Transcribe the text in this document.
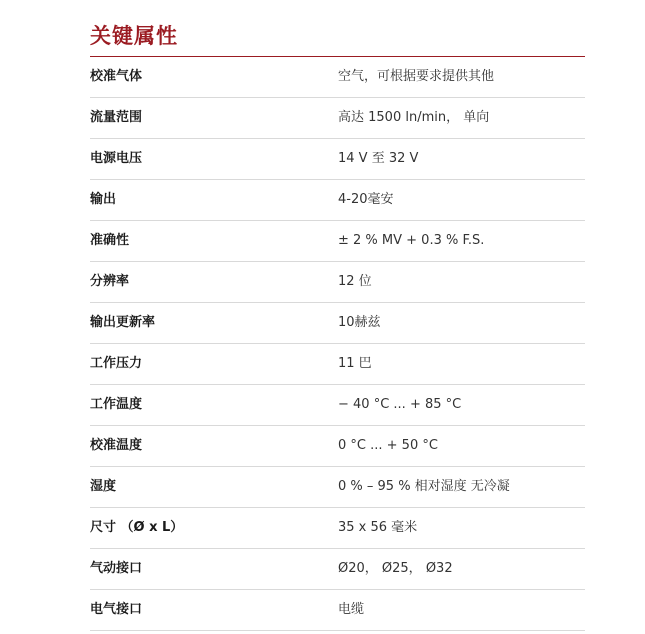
关键属性
校准气体	空气，可根据要求提供其他
流量范围	高达 1500 ln/min， 单向
电源电压	14 V 至 32 V
输出	4-20毫安
准确性	± 2 % MV + 0.3 % F.S.
分辨率	12 位
输出更新率	10赫兹
工作压力	11 巴
工作温度	− 40 °C ... + 85 °C
校准温度	0 °C ... + 50 °C
湿度	0 % – 95 % 相对湿度 无冷凝
尺寸 （Ø x L）	35 x 56 毫米
气动接口	Ø20， Ø25， Ø32
电气接口	电缆
